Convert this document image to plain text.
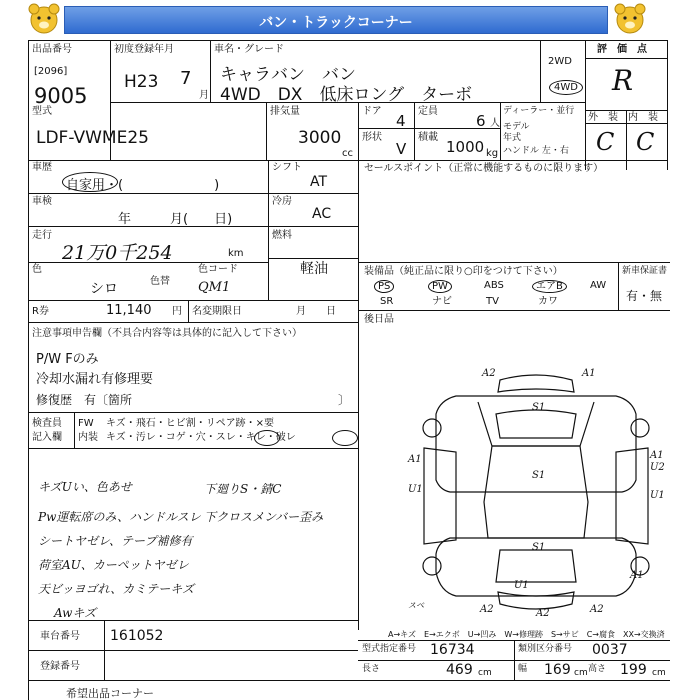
バン・トラックコーナー
出品番号
[2096]
9005
初度登録年月
H23 7
月
車名・グレード
キャラバン　バン
4WD　DX　低床ロング　ターボ
2WD
4WD
評　価　点
R
外　装　内　装
C C
型式
LDF-VWME25
排気量
3000
cc
ドア
4
定員
6 人
形状
V
積載
1000 kg
ディーラー・並行
モデル年式
ハンドル 左・右
車歴
自家用・(　　　　　　　)
シフト
AT
車検
年　　　月(　　日)
冷房
AC
走行
21万0千254	km
燃料
軽油
色
シロ	色替
色コード
QM1
R券	11,140 円 名変期限日	月　　日
セールスポイント（正常に機能するものに限ります）
装備品（純正品に限り○印をつけて下さい）	新車保証書
有・無
PS	PW	ABS	エアB	AW
SR	ナビ	TV	カワ
後日品
注意事項申告欄（不具合内容等は具体的に記入して下さい）
P/W Fのみ
冷却水漏れ有修理要
修復歴　有〔箇所	〕
検査員
記入欄
FW キズ・飛石・ヒビ割・リペア跡・×要
内装 キズ・汚レ・コゲ・穴・スレ・キレ・破レ
キズUい、色あせ
Pw運転席のみ、ハンドルスレ
シートヤゼレ、テープ補修有
荷室AU、カーペットヤゼレ
天ビッヨゴれ、カミテーキズ
Awキズ
下廻りS・錆C
下クロスメンバー歪み
A2	A1
S1
S1
A1	A1
U2
U1
U1
S1
A1
A2
U1
A2	A2
スベ
車台番号 161052
登録番号
A→キズ　E→エクボ　U→凹み　W→修理跡　S→サビ　C→腐食　XX→交換済
型式指定番号 16734	類別区分番号 0037
長さ	469 cm	幅 169 cm 高さ 199 cm
希望出品コーナー
